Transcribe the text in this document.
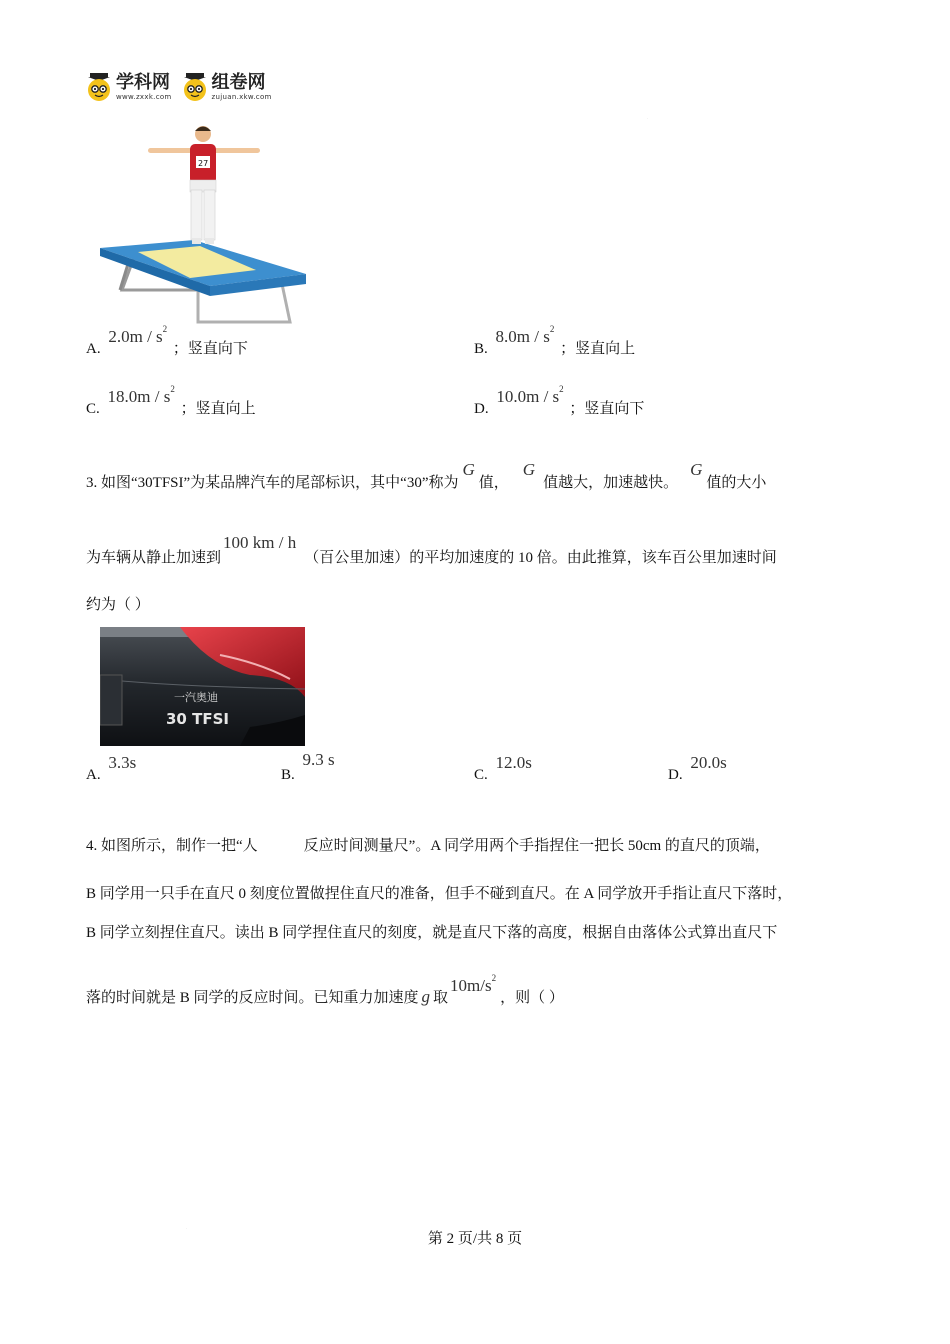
学科网
www.zxxk.com
组卷网
zujuan.xkw.com
·
27
A. $2.0m / s^2$ ；竖直向下	B. $8.0m / s^2$ ；竖直向上
C. $18.0m / s^2$ ；竖直向上	D. $10.0m / s^2$ ；竖直向下
3. 如图“30TFSI”为某品牌汽车的尾部标识，其中“30”称为G值，G值越大，加速越快。G值的大小
为车辆从静止加速到100 km / h（百公里加速）的平均加速度的 10 倍。由此推算，该车百公里加速时间
约为（ ）
一汽奥迪
30 TFSI
A. 3.3s
B. 9.3 s
C. 12.0s
D. 20.0s
4. 如图所示，制作一把“人	反应时间测量尺”。A 同学用两个手指捏住一把长 50cm 的直尺的顶端，
B 同学用一只手在直尺 0 刻度位置做捏住直尺的准备，但手不碰到直尺。在 A 同学放开手指让直尺下落时，
B 同学立刻捏住直尺。读出 B 同学捏住直尺的刻度，就是直尺下落的高度，根据自由落体公式算出直尺下
落的时间就是 B 同学的反应时间。已知重力加速度 g 取$10m/s^2$，则（ ）
·
第 2 页/共 8 页
